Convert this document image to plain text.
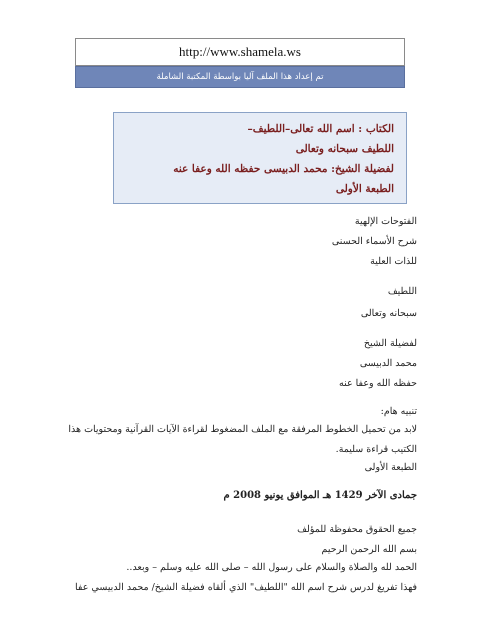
http://www.shamela.ws
تم إعداد هذا الملف آليا بواسطة المكتبة الشاملة
الكتاب : اسم الله تعالى–اللطيف–
اللطيف سبحانه وتعالى
لفضيلة الشيخ: محمد الدبيسى حفظه الله وعفا عنه
الطبعة الأولى
الفتوحات الإلهية
شرح الأسماء الحسنى
للذات العلية
اللطيف
سبحانه وتعالى
لفضيلة الشيخ
محمد الدبيسى
حفظه الله وعفا عنه
تنبيه هام:
لابد من تحميل الخطوط المرفقة مع الملف المضغوط لقراءة الآيات القرآنية ومحتويات هذا
الكتيب قراءة سليمة.
الطبعة الأولى
جمادى الآخر 1429 هـ الموافق يونيو 2008 م
جميع الحقوق محفوظة للمؤلف
بسم الله الرحمن الرحيم
الحمد لله والصلاة والسلام على رسول الله – صلى الله عليه وسلم – وبعد..
فهذا تفريغ لدرس شرح اسم الله "اللطيف" الذي ألقاه فضيلة الشيخ/ محمد الدبيسي عفا
